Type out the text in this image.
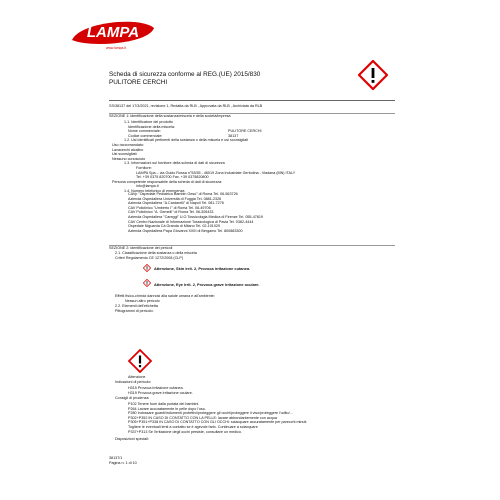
LAMPA
www.lampa.it
Scheda di sicurezza conforme al REG.(UE) 2015/830
PULITORE CERCHI
SS/38137 del 17/3/2021, revisione 1, Redatta da RLB , Approvata da RLB , Archiviata da RLB
SEZIONE 1: identificazione della sostanza/miscela e della società/impresa
1.1. Identificatore del prodotto
Identificazione della miscela:
Nome commerciale:	PULITORE CERCHI
Codice commerciale:	38137
1.2. Usi identificati pertinenti della sostanza o della miscela e usi sconsigliati
Uso raccomandato:
Lavacerchi alcalino
Usi sconsigliati:
Nessuno conosciuto
1.3. Informazioni sul fornitore della scheda di dati di sicurezza
Fornitore:
LAMPA Spa – via Guido Rossa n°53/55 - 46019 Zona Industriale Gerbolina - Viadana (MN) ITALY
Tel. +39 0375 820700 Fax. +39 0375820800
Persona competente responsabile della scheda di dati di sicurezza:
info@lampa.it
1.4. Numero telefonico di emergenza
CAVp "Ospedale Pediatrico Bambin Gesù" di Roma Tel. 06-563726
Azienda Ospedaliera Università di Foggia Tel. 0881-2326
Azienda Ospedaliera "A.Cardarelli" di Napoli Tel. 081-7276
CAV Policlinico "Umberto I" di Roma Tel. 06-49706
CAV Policlinico "A. Gemelli" di Roma Tel. 06-305433
Azienda Ospedaliera "Careggi" U.O.Tossicologia Medica di Firenze Tel. 055-47819
CAV Centro Nazionale di Informazione Tossicologica di Pavia Tel. 0382-4444
Ospedale Niguarda Cà Granda di Milano Tel. 02-101029
Azienda Ospedaliera Papa Giovanni XXIII di Bergamo Tel. 800883300
SEZIONE 2: identificazione dei pericoli
2.1. Classificazione della sostanza o della miscela
Criteri Regolamento CE 1272/2008 (CLP)
Attenzione, Skin Irrit. 2, Provoca irritazione cutanea.
Attenzione, Eye Irrit. 2, Provoca grave irritazione oculare.
Effetti fisico-chimici dannosi alla salute umana e all'ambiente:
Nessun altro pericolo
2.2. Elementi dell'etichetta
Pittogrammi di pericolo:
Attenzione
Indicazioni di pericolo:
H315 Provoca irritazione cutanea.
H319 Provoca grave irritazione oculare.
Consigli di prudenza:
P102 Tenere fuori dalla portata dei bambini.
P264 Lavare accuratamente le pelle dopo l'uso.
P280 Indossare guanti/indumenti protettivi/proteggere gli occhi/proteggere il viso/proteggere l'udito/...
P302+P352 IN CASO DI CONTATTO CON LA PELLE: lavare abbondantemente con acqua
P305+P351+P338 IN CASO DI CONTATTO CON GLI OCCHI: sciacquare accuratamente per parecchi minuti.
Togliere le eventuali lenti a contatto se è agevole farlo. Continuare a sciacquare
P337+P313 Se l'irritazione degli occhi persiste, consultare un medico.
Disposizioni speciali:
38137/1
Pagina n. 1 di 10
